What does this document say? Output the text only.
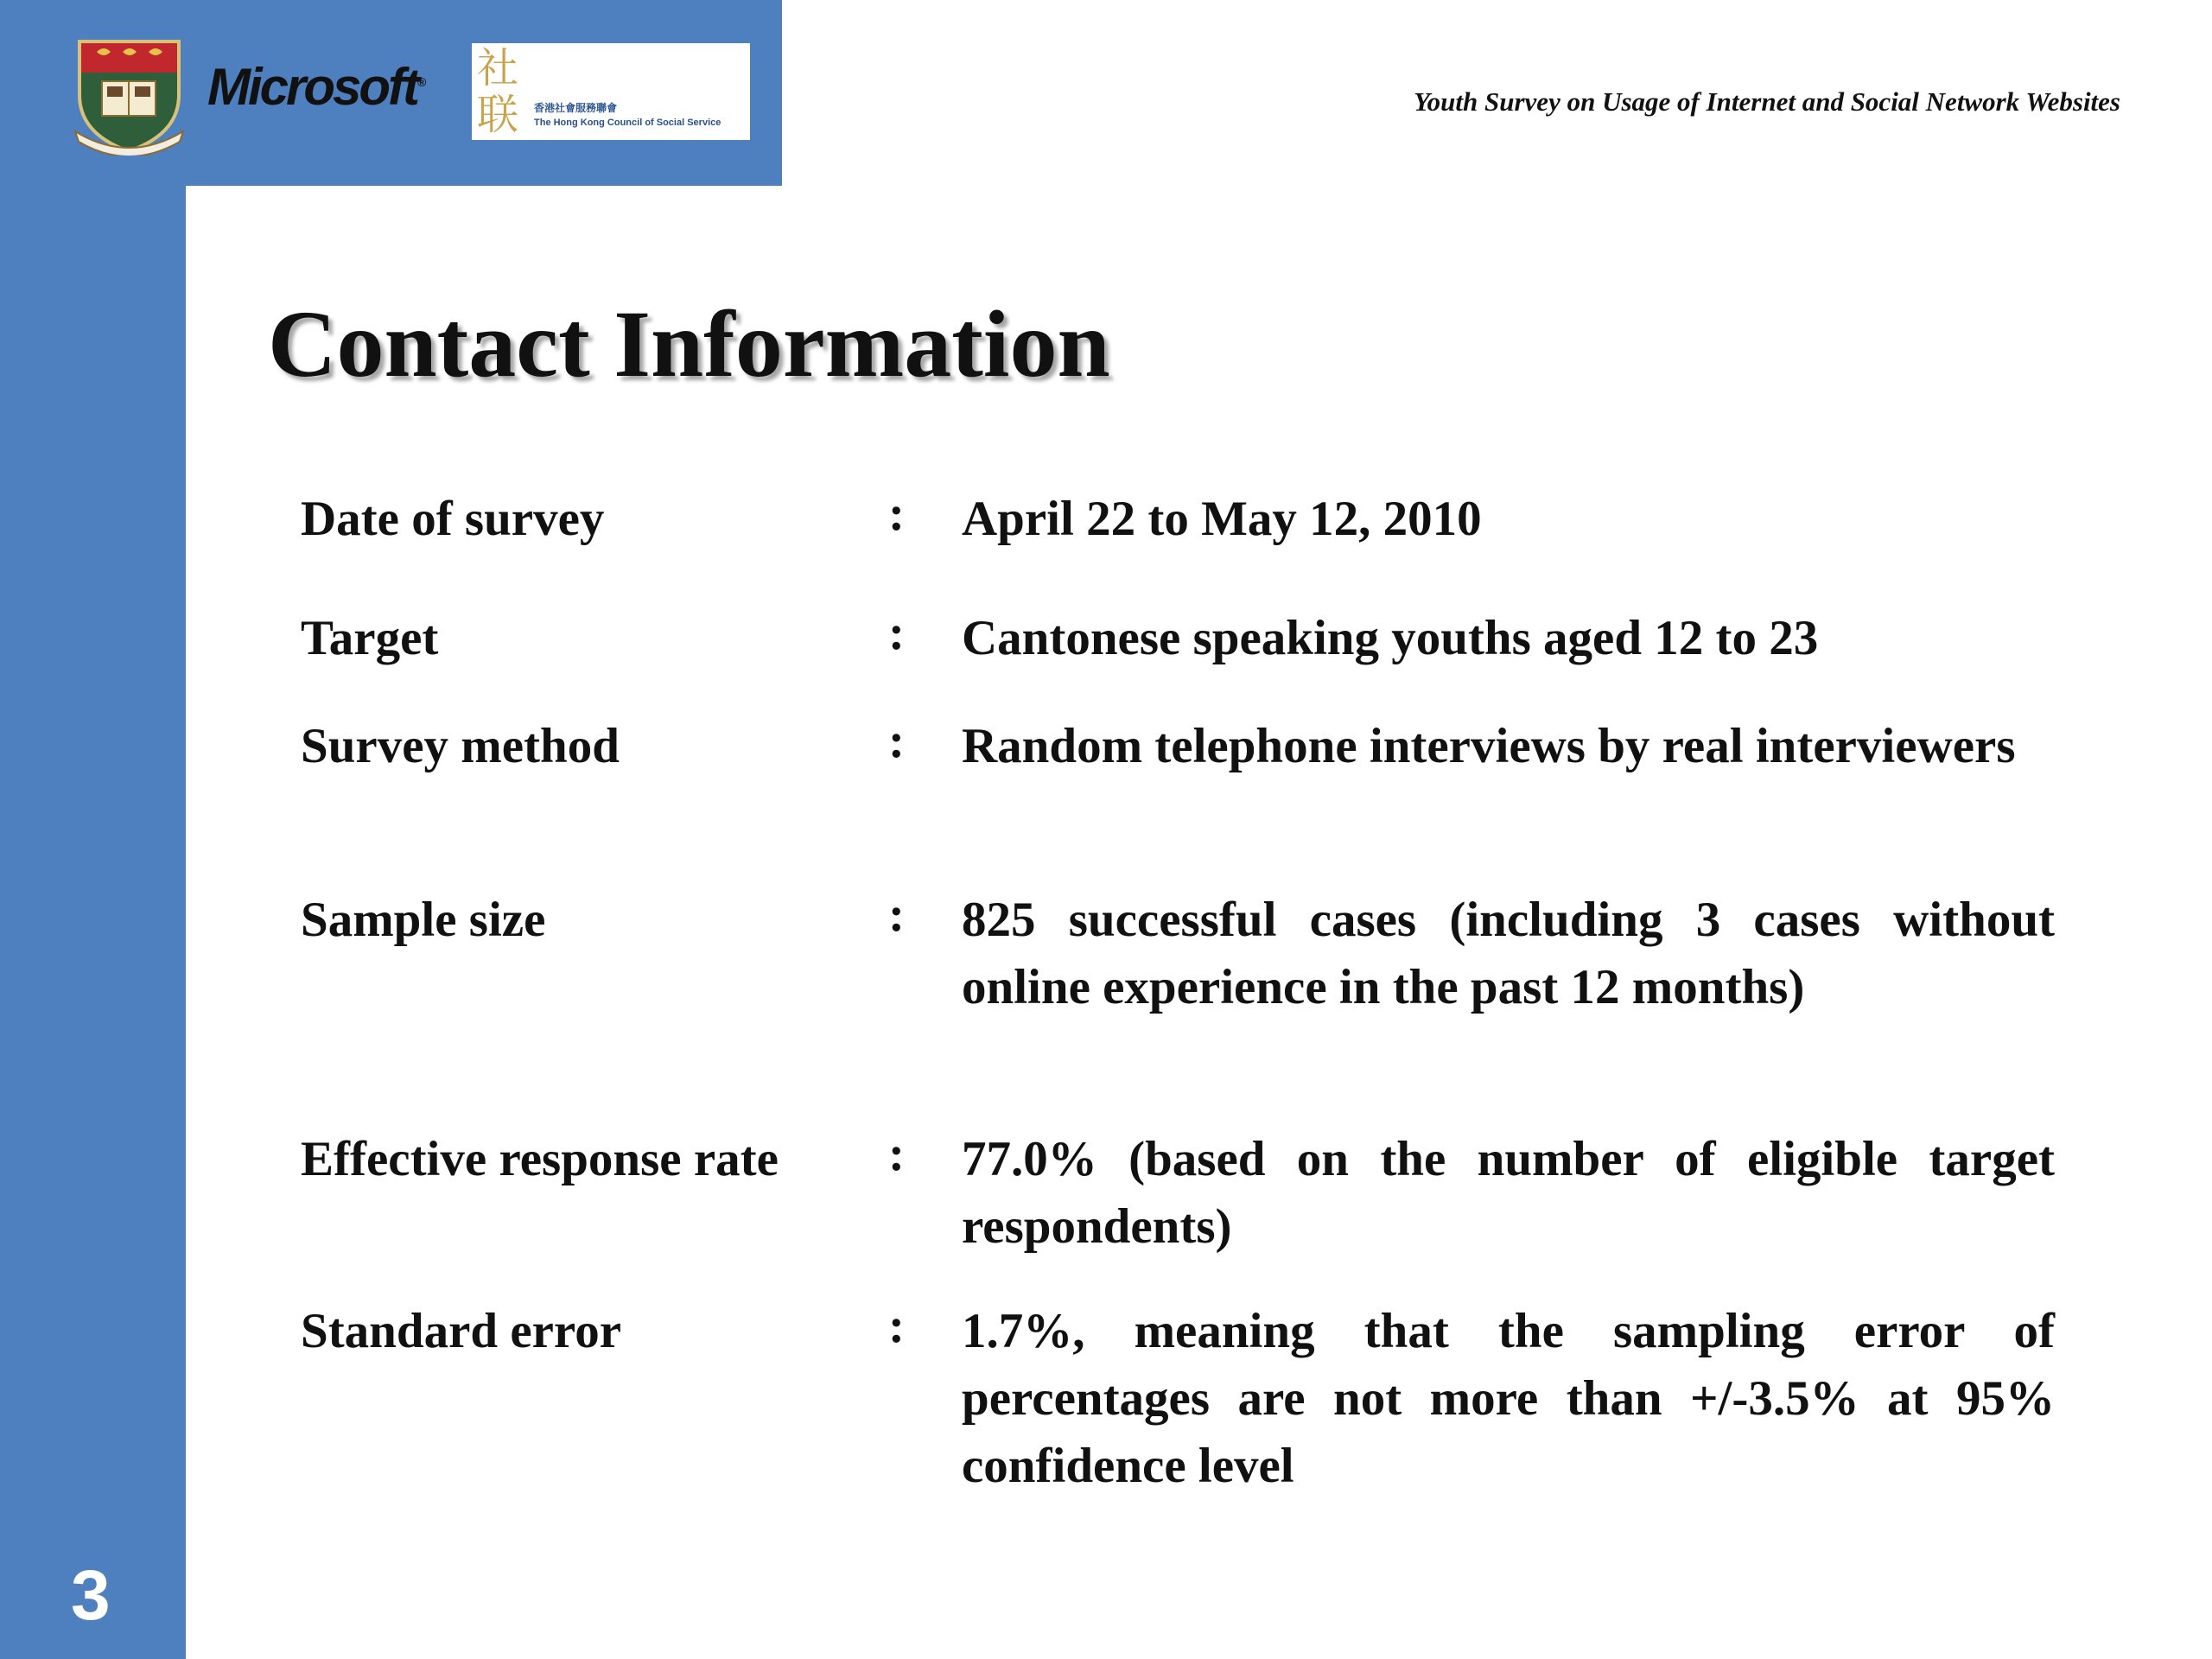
Microsoft® 社
联	香港社會服務聯會
The Hong Kong Council of Social Service
Youth Survey on Usage of Internet and Social Network Websites
Contact Information
Date of survey	: April 22 to May 12, 2010
Target	: Cantonese speaking youths aged 12 to 23
Survey method	: Random telephone interviews by real interviewers
Sample size	: 825 successful cases (including 3 cases without online experience in the past 12 months)
Effective response rate : 77.0% (based on the number of eligible target respondents)
Standard error	: 1.7%, meaning that the sampling error of percentages are not more than +/-3.5% at 95% confidence level
3
